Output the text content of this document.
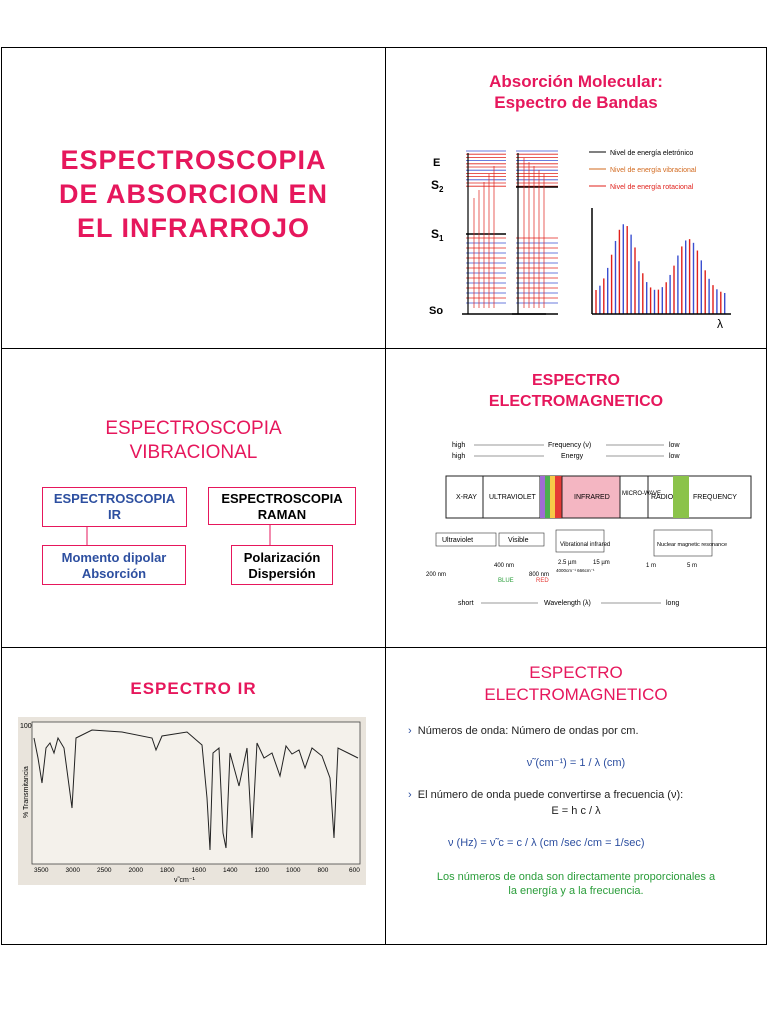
ESPECTROSCOPIA
DE ABSORCION EN
EL INFRARROJO
Absorción Molecular:
Espectro de Bandas
E
$S_2$
$S_1$
So
Nivel de energía eletrónico
Nivel de energía vibracional
Nivel de energía rotacional
λ
ESPECTROSCOPIA
VIBRACIONAL
ESPECTROSCOPIA
IR
ESPECTROSCOPIA
RAMAN
Momento dipolar
Absorción
Polarización
Dispersión
ESPECTRO
ELECTROMAGNETICO
high	Frequency (ν)	low
high	Energy	low
X-RAY ULTRAVIOLET	INFRARED MICRO-WAVE
RADIO	FREQUENCY
Ultraviolet	Visible
Vibrational infrared	Nuclear magnetic resonance
200 nm
400 nm
800 nm
2.5 µm	15 µm	1 m	5 m
BLUE	RED
4000cm⁻¹ 666cm⁻¹
short	Wavelength (λ)	long
ESPECTRO IR
100
% Transmitancia
3500	3000	2500	2000	1800	1600	1400	1200	1000	800	600
ν̃ cm⁻¹
ESPECTRO
ELECTROMAGNETICO
› Números de onda: Número de ondas por cm.
ν̃ (cm⁻¹) = 1 / λ (cm)
› El número de onda puede convertirse a frecuencia (ν):
E = h c / λ
ν (Hz) = ν̃ c = c / λ (cm /sec /cm = 1/sec)
Los números de onda son directamente proporcionales a
la energía y a la frecuencia.
